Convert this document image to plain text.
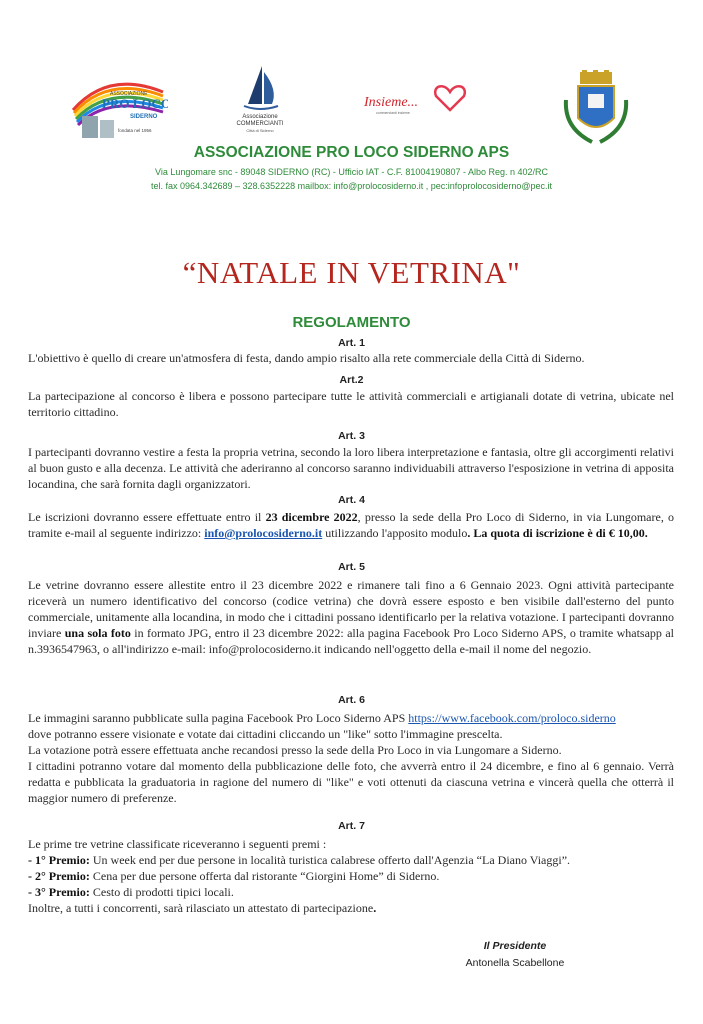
ASSOCIAZIONE
PRO LOCO
SIDERNO
fondata nel 1956
Associazione
COMMERCIANTI
Città di Siderno
Insieme...
commercianti insieme
ASSOCIAZIONE PRO LOCO SIDERNO APS
Via Lungomare snc - 89048 SIDERNO (RC) - Ufficio IAT - C.F. 81004190807 - Albo Reg. n 402/RC
tel. fax 0964.342689 – 328.6352228 mailbox: info@prolocosiderno.it , pec:infoprolocosiderno@pec.it
“NATALE IN VETRINA"
REGOLAMENTO
Art. 1
L'obiettivo è quello di creare un'atmosfera di festa, dando ampio risalto alla rete commerciale della Città di Siderno.
Art.2
La partecipazione al concorso è libera e possono partecipare tutte le attività commerciali e artigianali dotate di vetrina, ubicate nel territorio cittadino.
Art. 3
I partecipanti dovranno vestire a festa la propria vetrina, secondo la loro libera interpretazione e fantasia, oltre gli accorgimenti relativi al buon gusto e alla decenza. Le attività che aderiranno al concorso saranno individuabili attraverso l'esposizione in vetrina di apposita locandina, che sarà fornita dagli organizzatori.
Art. 4
Le iscrizioni dovranno essere effettuate entro il 23 dicembre 2022, presso la sede della Pro Loco di Siderno, in via Lungomare, o tramite e-mail al seguente indirizzo: info@prolocosiderno.it utilizzando l'apposito modulo. La quota di iscrizione è di € 10,00.
Art. 5
Le vetrine dovranno essere allestite entro il 23 dicembre 2022 e rimanere tali fino a 6 Gennaio 2023. Ogni attività partecipante riceverà un numero identificativo del concorso (codice vetrina) che dovrà essere esposto e ben visibile dall'esterno del punto commerciale, unitamente alla locandina, in modo che i cittadini possano identificarlo per la relativa votazione. I partecipanti dovranno inviare una sola foto in formato JPG, entro il 23 dicembre 2022: alla pagina Facebook Pro Loco Siderno APS, o tramite whatsapp al n.3936547963, o all'indirizzo e-mail: info@prolocosiderno.it indicando nell'oggetto della e-mail il nome del negozio.
Art. 6
Le immagini saranno pubblicate sulla pagina Facebook Pro Loco Siderno APS https://www.facebook.com/proloco.siderno
dove potranno essere visionate e votate dai cittadini cliccando un "like" sotto l'immagine prescelta.
La votazione potrà essere effettuata anche recandosi presso la sede della Pro Loco in via Lungomare a Siderno.
I cittadini potranno votare dal momento della pubblicazione delle foto, che avverrà entro il 24 dicembre, e fino al 6 gennaio. Verrà redatta e pubblicata la graduatoria in ragione del numero di "like" e voti ottenuti da ciascuna vetrina e vincerà quella che otterrà il maggior numero di preferenze.
Art. 7
Le prime tre vetrine classificate riceveranno i seguenti premi :
- 1° Premio: Un week end per due persone in località turistica calabrese offerto dall'Agenzia “La Diano Viaggi”.
- 2° Premio: Cena per due persone offerta dal ristorante “Giorgini Home” di Siderno.
- 3° Premio: Cesto di prodotti tipici locali.
Inoltre, a tutti i concorrenti, sarà rilasciato un attestato di partecipazione.
Il Presidente
Antonella Scabellone
